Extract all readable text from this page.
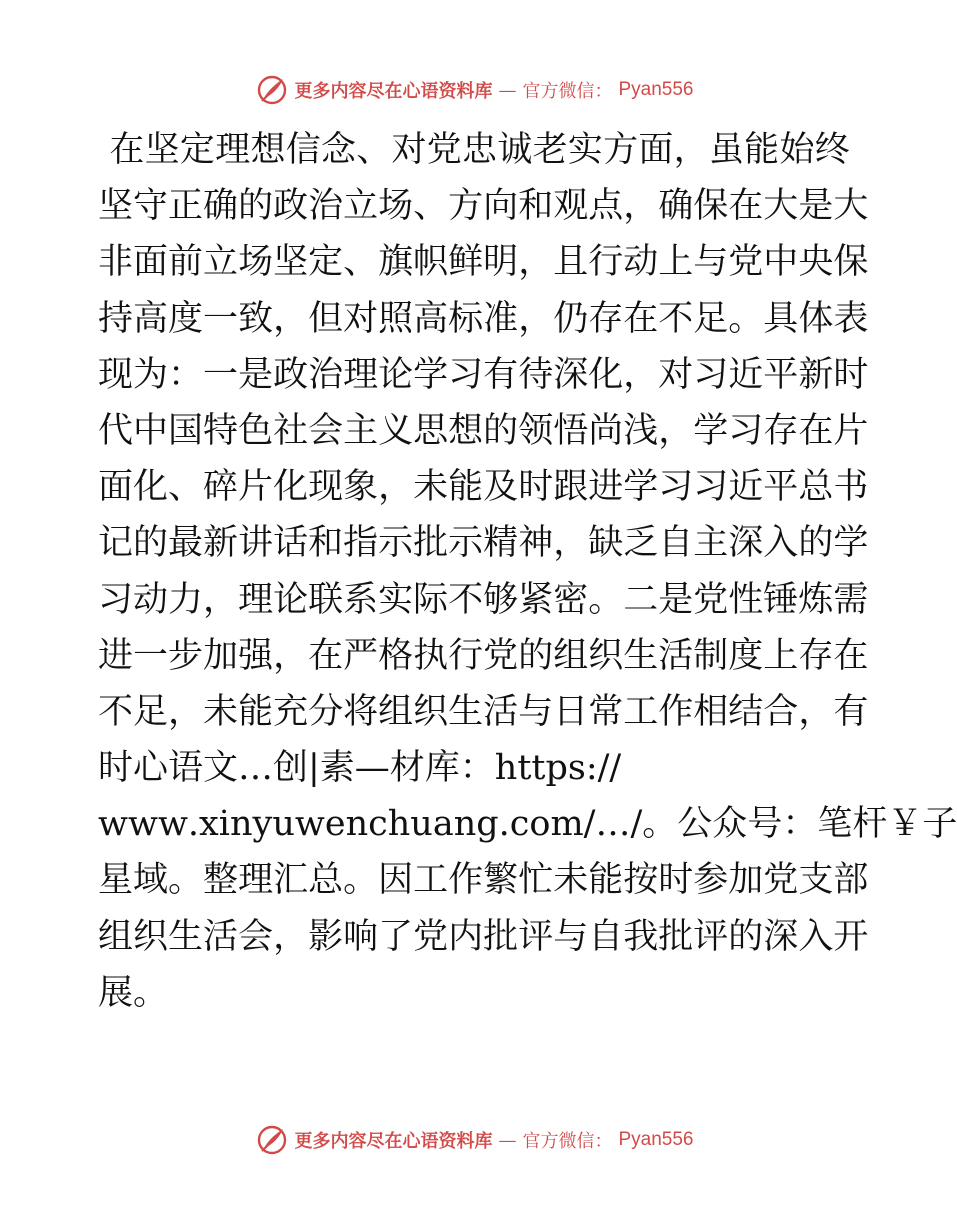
更多内容尽在心语资料库 — 官方微信： Pyan556

在 坚 定 理 想 信 念 、 对 党 忠 诚 老 实 方 面 ， 虽 能 始 终
坚 守 正 确 的 政 治 立 场 、 方 向 和 观 点 ， 确 保 在 大 是 大
非 面 前 立 场 坚 定 、 旗 帜 鲜 明 ， 且 行 动 上 与 党 中 央 保
持 高 度 一 致 ， 但 对 照 高 标 准 ， 仍 存 在 不 足 。 具 体 表
现 为 ： 一 是 政 治 理 论 学 习 有 待 深 化 ， 对 习 近 平 新 时
代 中 国 特 色 社 会 主 义 思 想 的 领 悟 尚 浅 ， 学 习 存 在 片
面 化 、 碎 片 化 现 象 ， 未 能 及 时 跟 进 学 习 习 近 平 总 书
记 的 最 新 讲 话 和 指 示 批 示 精 神 ， 缺 乏 自 主 深 入 的 学
习 动 力 ， 理 论 联 系 实 际 不 够 紧 密 。 二 是 党 性 锤 炼 需
进 一 步 加 强 ， 在 严 格 执 行 党 的 组 织 生 活 制 度 上 存 在
不 足 ， 未 能 充 分 将 组 织 生 活 与 日 常 工 作 相 结 合 ， 有
时心语文…创|素—材库：https://
w w w . x i n y u w e n c h u a n g . c o m / … / 。 公 众 号 ： 笔 杆 ￥ 子
星 域 。 整 理 汇 总 。 因 工 作 繁 忙 未 能 按 时 参 加 党 支 部
组 织 生 活 会 ， 影 响 了 党 内 批 评 与 自 我 批 评 的 深 入 开
展。
更多内容尽在心语资料库 — 官方微信： Pyan556
